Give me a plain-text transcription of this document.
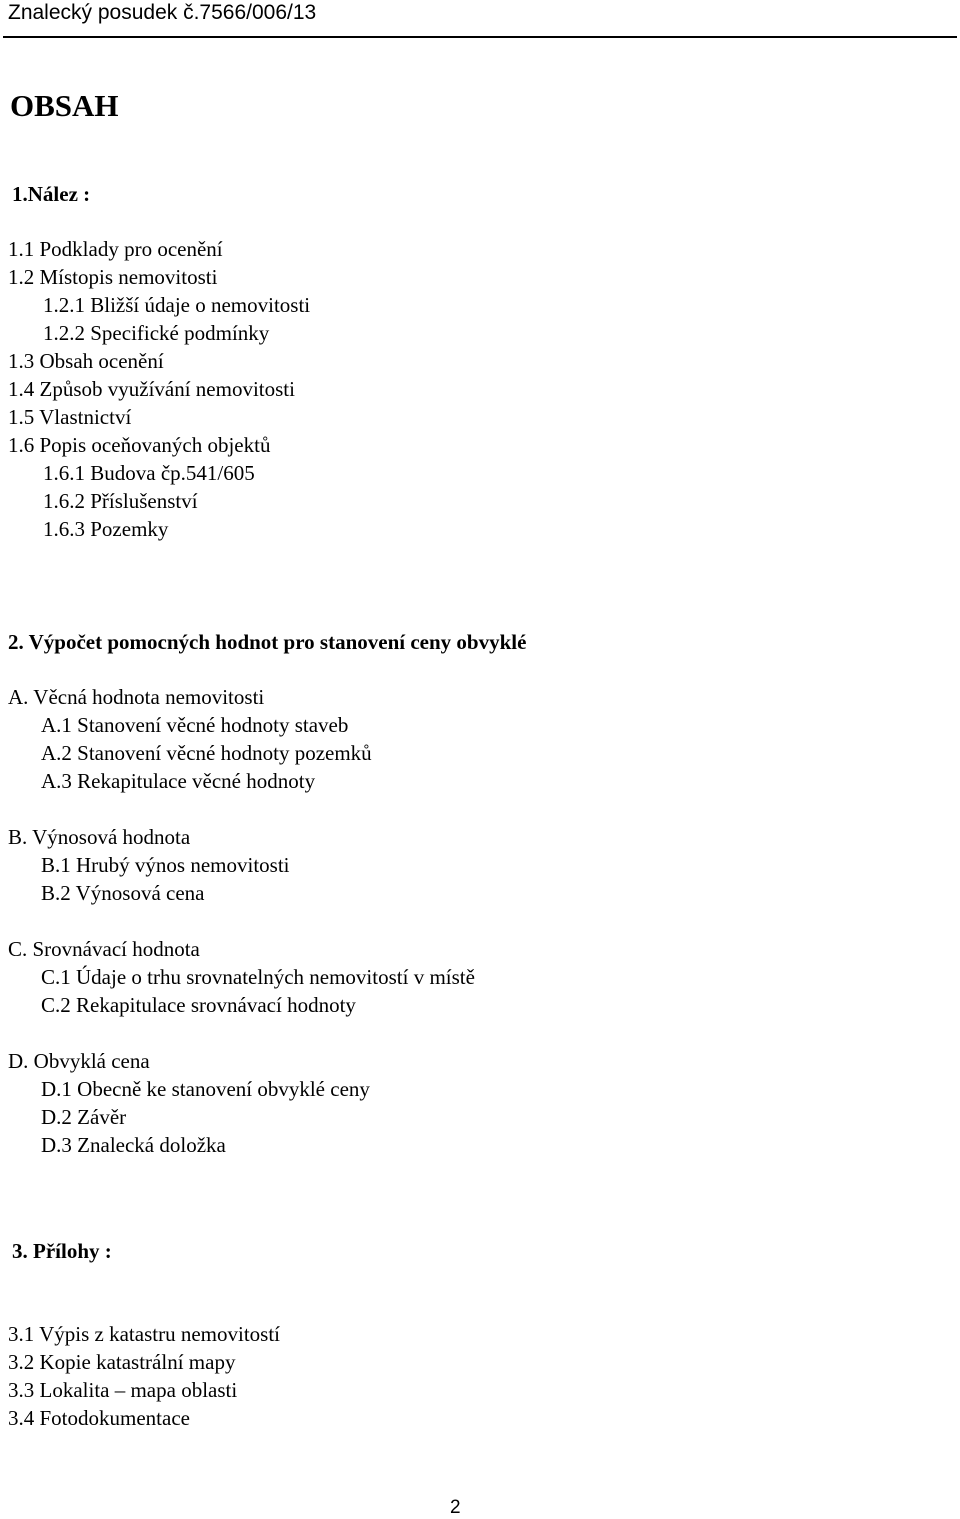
Znalecký posudek č.7566/006/13
OBSAH
1.Nález :
1.1 Podklady pro ocenění
1.2 Místopis nemovitosti
1.2.1 Bližší údaje o nemovitosti
1.2.2 Specifické podmínky
1.3 Obsah ocenění
1.4 Způsob využívání nemovitosti
1.5 Vlastnictví
1.6 Popis oceňovaných objektů
1.6.1 Budova čp.541/605
1.6.2 Příslušenství
1.6.3 Pozemky
2. Výpočet pomocných hodnot pro stanovení ceny obvyklé
A. Věcná hodnota nemovitosti
A.1 Stanovení věcné hodnoty staveb
A.2 Stanovení věcné hodnoty pozemků
A.3 Rekapitulace věcné hodnoty
B. Výnosová hodnota
B.1 Hrubý výnos nemovitosti
B.2 Výnosová cena
C. Srovnávací hodnota
C.1 Údaje o trhu srovnatelných nemovitostí v místě
C.2 Rekapitulace srovnávací hodnoty
D. Obvyklá cena
D.1 Obecně ke stanovení obvyklé ceny
D.2 Závěr
D.3 Znalecká doložka
3. Přílohy :
3.1 Výpis z katastru nemovitostí
3.2 Kopie katastrální mapy
3.3 Lokalita – mapa oblasti
3.4 Fotodokumentace
2
